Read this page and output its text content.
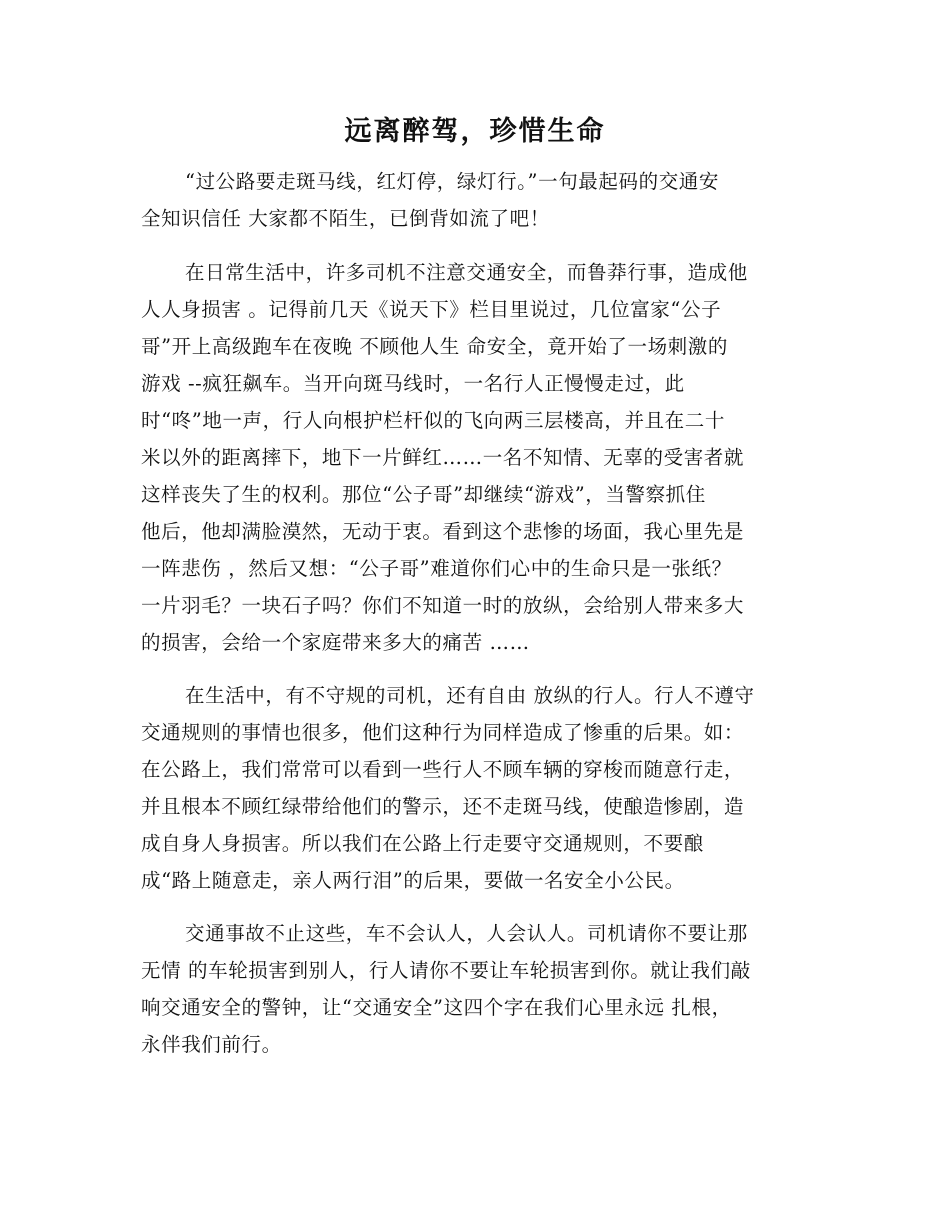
远离醉驾，珍惜生命
“过公路要走斑马线，红灯停，绿灯行。”一句最起码的交通安
全知识信任 大家都不陌生，已倒背如流了吧！
在日常生活中，许多司机不注意交通安全，而鲁莽行事，造成他
人人身损害 。记得前几天《说天下》栏目里说过，几位富家“公子
哥”开上高级跑车在夜晚 不顾他人生 命安全，竟开始了一场刺激的
游戏 --疯狂飙车。当开向斑马线时，一名行人正慢慢走过，此
时“咚”地一声，行人向根护栏杆似的飞向两三层楼高，并且在二十
米以外的距离摔下，地下一片鲜红……一名不知情、无辜的受害者就
这样丧失了生的权利。那位“公子哥”却继续“游戏”，当警察抓住
他后，他却满脸漠然，无动于衷。看到这个悲惨的场面，我心里先是
一阵悲伤 ，然后又想：“公子哥”难道你们心中的生命只是一张纸？
一片羽毛？一块石子吗？你们不知道一时的放纵，会给别人带来多大
的损害，会给一个家庭带来多大的痛苦 ……
在生活中，有不守规的司机，还有自由 放纵的行人。行人不遵守
交通规则的事情也很多，他们这种行为同样造成了惨重的后果。如：
在公路上，我们常常可以看到一些行人不顾车辆的穿梭而随意行走，
并且根本不顾红绿带给他们的警示，还不走斑马线，使酿造惨剧，造
成自身人身损害。所以我们在公路上行走要守交通规则，不要酿
成“路上随意走，亲人两行泪”的后果，要做一名安全小公民。
交通事故不止这些，车不会认人，人会认人。司机请你不要让那
无情 的车轮损害到别人，行人请你不要让车轮损害到你。就让我们敲
响交通安全的警钟，让“交通安全”这四个字在我们心里永远 扎根，
永伴我们前行。
